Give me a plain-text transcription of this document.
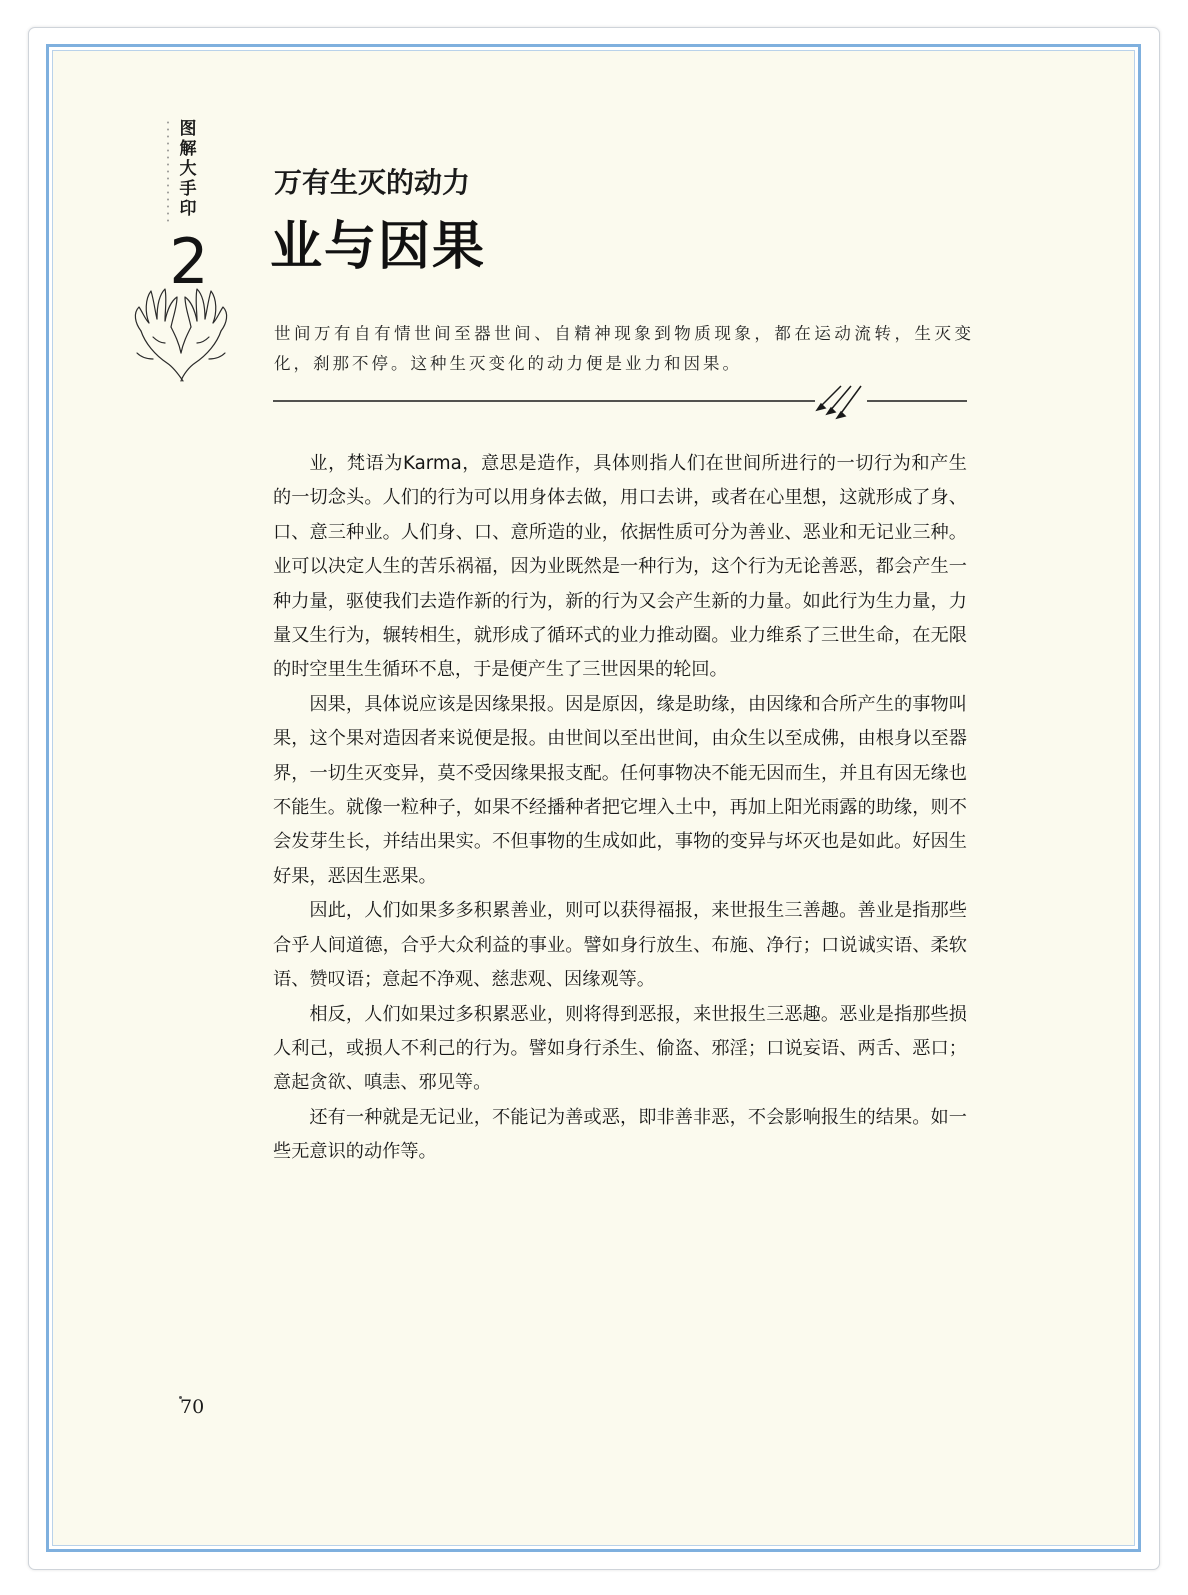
图解大手印
2
万有生灭的动力
业与因果
世间万有自有情世间至器世间、自精神现象到物质现象，都在运动流转，生灭变化，刹那不停。这种生灭变化的动力便是业力和因果。

业，梵语为Karma，意思是造作，具体则指人们在世间所进行的一切行为和产生的一切念头。人们的行为可以用身体去做，用口去讲，或者在心里想，这就形成了身、口、意三种业。人们身、口、意所造的业，依据性质可分为善业、恶业和无记业三种。业可以决定人生的苦乐祸福，因为业既然是一种行为，这个行为无论善恶，都会产生一种力量，驱使我们去造作新的行为，新的行为又会产生新的力量。如此行为生力量，力量又生行为，辗转相生，就形成了循环式的业力推动圈。业力维系了三世生命，在无限的时空里生生循环不息，于是便产生了三世因果的轮回。

因果，具体说应该是因缘果报。因是原因，缘是助缘，由因缘和合所产生的事物叫果，这个果对造因者来说便是报。由世间以至出世间，由众生以至成佛，由根身以至器界，一切生灭变异，莫不受因缘果报支配。任何事物决不能无因而生，并且有因无缘也不能生。就像一粒种子，如果不经播种者把它埋入土中，再加上阳光雨露的助缘，则不会发芽生长，并结出果实。不但事物的生成如此，事物的变异与坏灭也是如此。好因生好果，恶因生恶果。

因此，人们如果多多积累善业，则可以获得福报，来世报生三善趣。善业是指那些合乎人间道德，合乎大众利益的事业。譬如身行放生、布施、净行；口说诚实语、柔软语、赞叹语；意起不净观、慈悲观、因缘观等。

相反，人们如果过多积累恶业，则将得到恶报，来世报生三恶趣。恶业是指那些损人利己，或损人不利己的行为。譬如身行杀生、偷盗、邪淫；口说妄语、两舌、恶口；意起贪欲、嗔恚、邪见等。

还有一种就是无记业，不能记为善或恶，即非善非恶，不会影响报生的结果。如一些无意识的动作等。

70
